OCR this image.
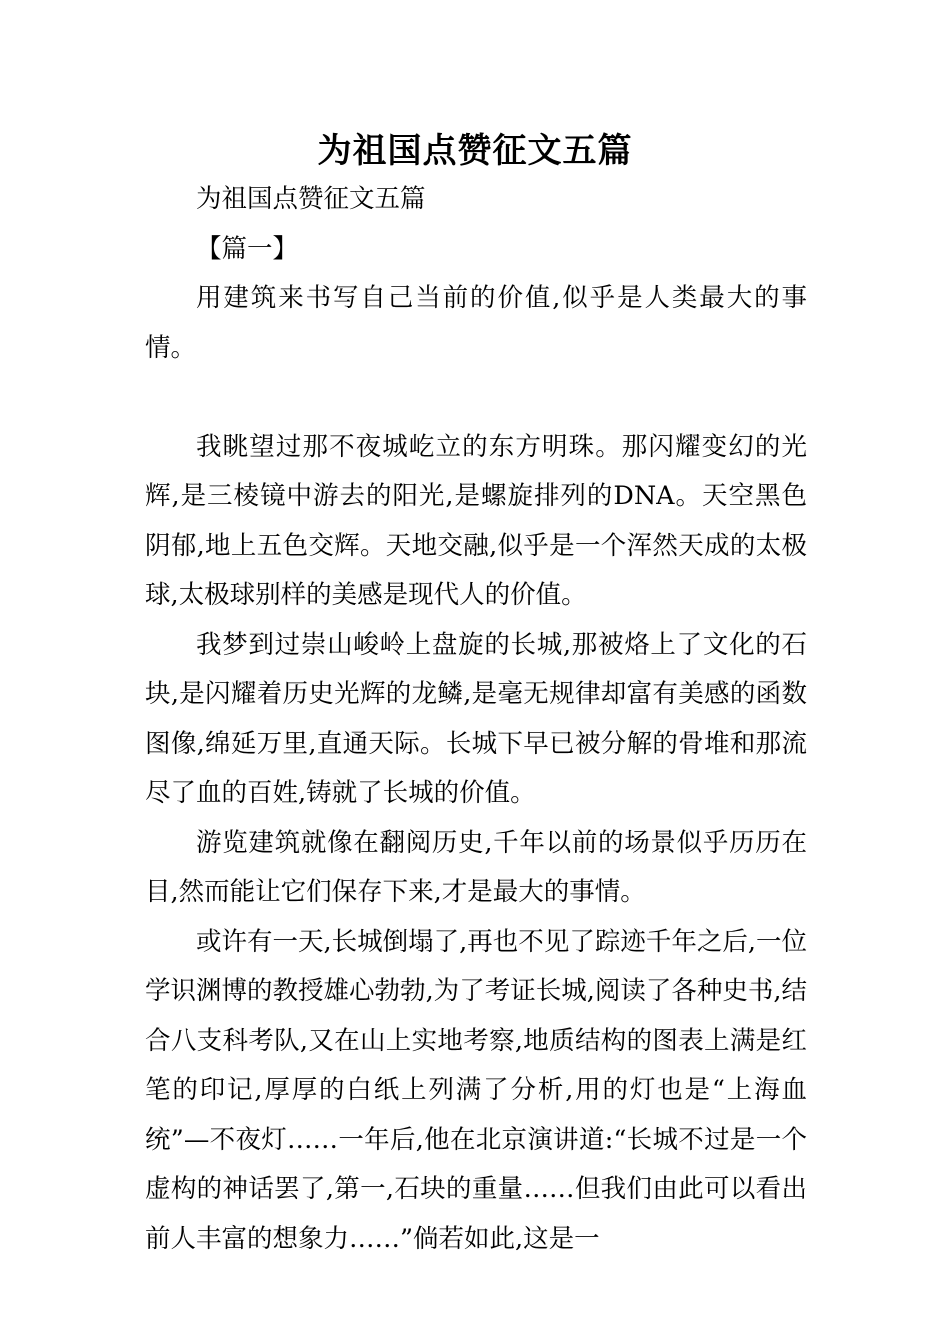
为祖国点赞征文五篇

为祖国点赞征文五篇

【篇一】

用建筑来书写自己当前的价值,似乎是人类最大的事情。

我眺望过那不夜城屹立的东方明珠。那闪耀变幻的光辉,是三棱镜中游去的阳光,是螺旋排列的DNA。天空黑色阴郁,地上五色交辉。天地交融,似乎是一个浑然天成的太极球,太极球别样的美感是现代人的价值。

我梦到过崇山峻岭上盘旋的长城,那被烙上了文化的石块,是闪耀着历史光辉的龙鳞,是毫无规律却富有美感的函数图像,绵延万里,直通天际。长城下早已被分解的骨堆和那流尽了血的百姓,铸就了长城的价值。

游览建筑就像在翻阅历史,千年以前的场景似乎历历在目,然而能让它们保存下来,才是最大的事情。

或许有一天,长城倒塌了,再也不见了踪迹千年之后,一位学识渊博的教授雄心勃勃,为了考证长城,阅读了各种史书,结合八支科考队,又在山上实地考察,地质结构的图表上满是红笔的印记,厚厚的白纸上列满了分析,用的灯也是“上海血统”—不夜灯……一年后,他在北京演讲道:“长城不过是一个虚构的神话罢了,第一,石块的重量……但我们由此可以看出前人丰富的想象力……”倘若如此,这是一
